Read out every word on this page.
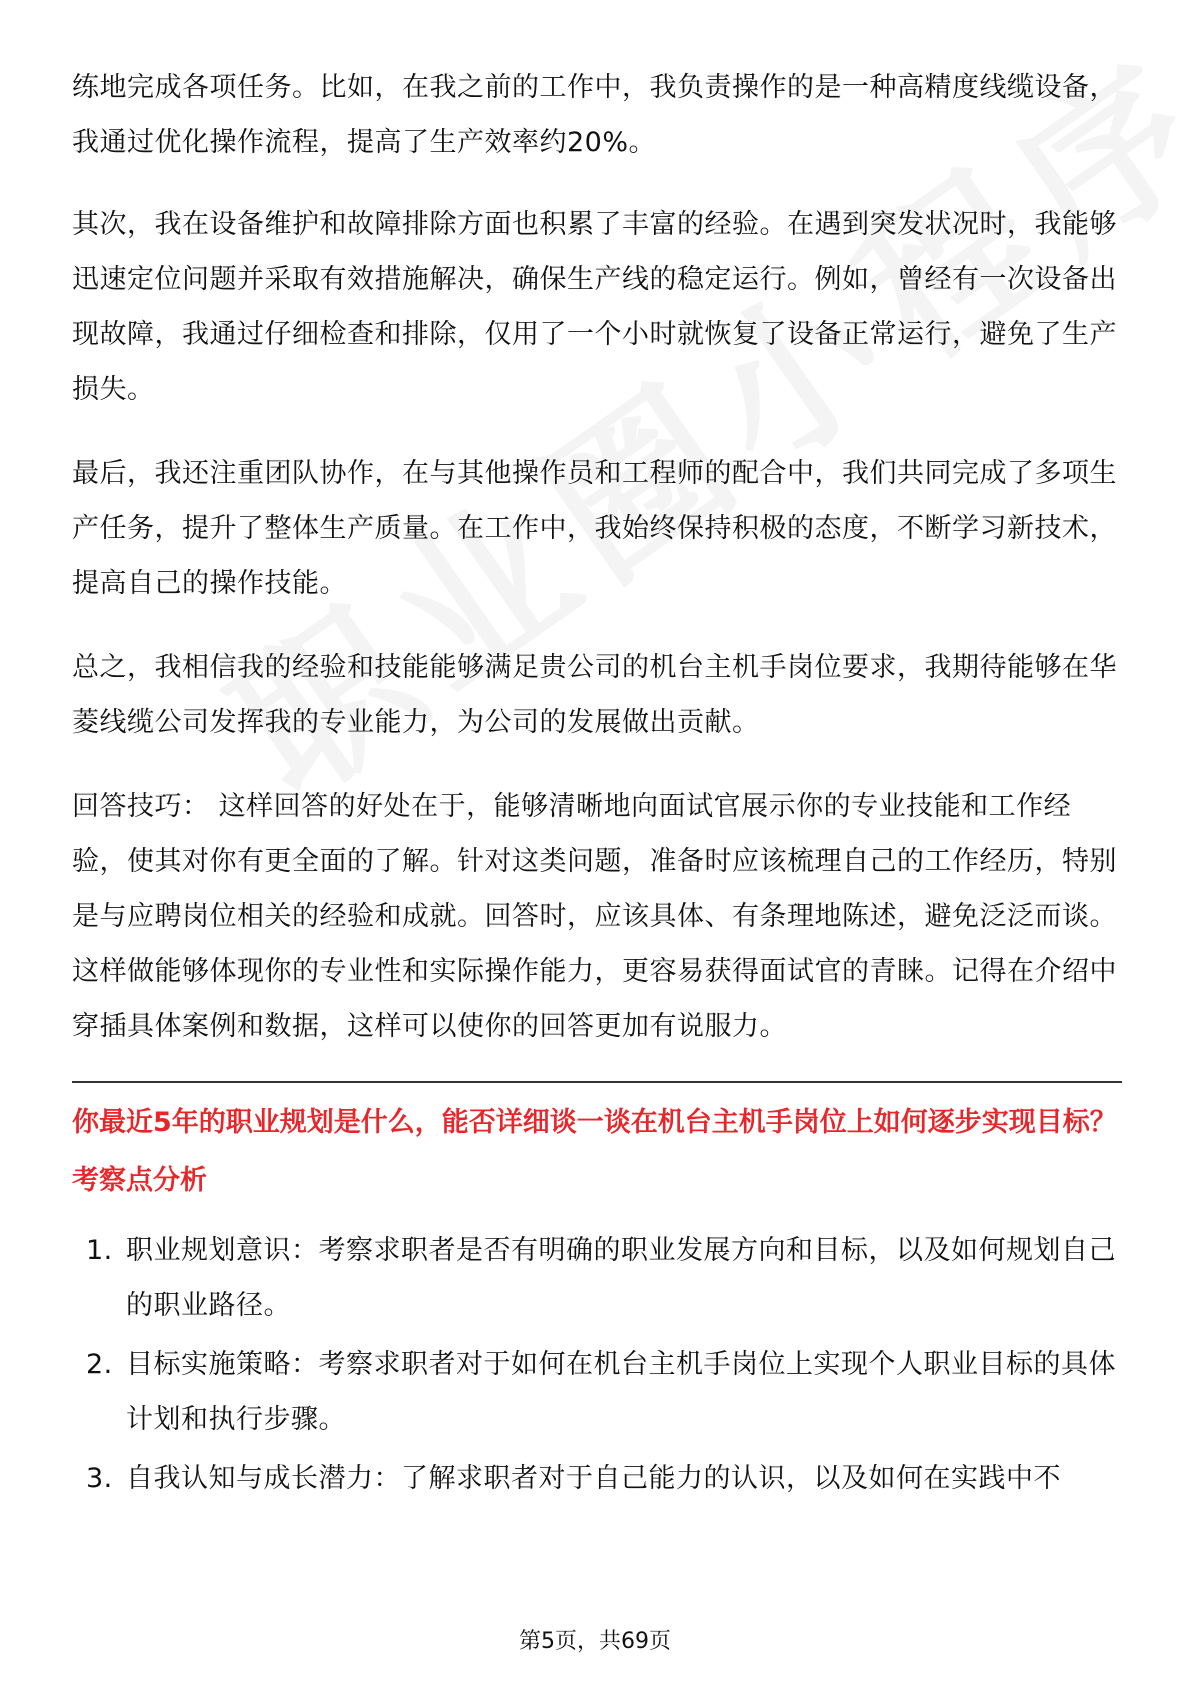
练地完成各项任务。比如，在我之前的工作中，我负责操作的是一种高精度线缆设备，我通过优化操作流程，提高了生产效率约20%。

其次，我在设备维护和故障排除方面也积累了丰富的经验。在遇到突发状况时，我能够迅速定位问题并采取有效措施解决，确保生产线的稳定运行。例如，曾经有一次设备出现故障，我通过仔细检查和排除，仅用了一个小时就恢复了设备正常运行，避免了生产损失。

最后，我还注重团队协作，在与其他操作员和工程师的配合中，我们共同完成了多项生产任务，提升了整体生产质量。在工作中，我始终保持积极的态度，不断学习新技术，提高自己的操作技能。

总之，我相信我的经验和技能能够满足贵公司的机台主机手岗位要求，我期待能够在华菱线缆公司发挥我的专业能力，为公司的发展做出贡献。

回答技巧： 这样回答的好处在于，能够清晰地向面试官展示你的专业技能和工作经验，使其对你有更全面的了解。针对这类问题，准备时应该梳理自己的工作经历，特别是与应聘岗位相关的经验和成就。回答时，应该具体、有条理地陈述，避免泛泛而谈。这样做能够体现你的专业性和实际操作能力，更容易获得面试官的青睐。记得在介绍中穿插具体案例和数据，这样可以使你的回答更加有说服力。

你最近5年的职业规划是什么，能否详细谈一谈在机台主机手岗位上如何逐步实现目标？
考察点分析
1. 职业规划意识：考察求职者是否有明确的职业发展方向和目标，以及如何规划自己的职业路径。
2. 目标实施策略：考察求职者对于如何在机台主机手岗位上实现个人职业目标的具体计划和执行步骤。
3. 自我认知与成长潜力：了解求职者对于自己能力的认识，以及如何在实践中不
第5页，共69页
